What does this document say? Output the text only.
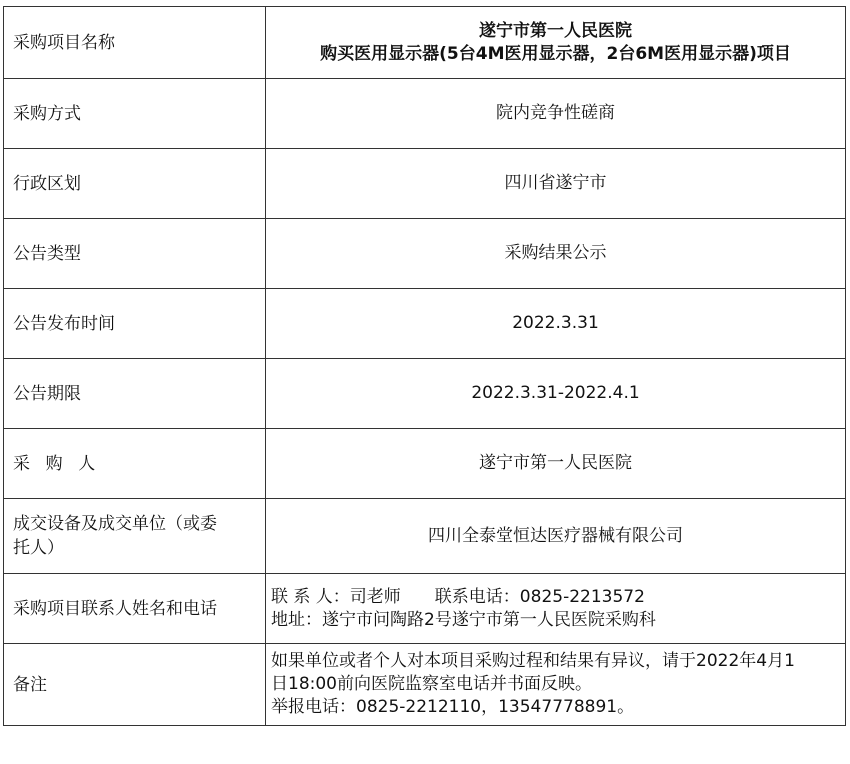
采购项目名称	遂宁市第一人民医院
购买医用显示器(5台4M医用显示器，2台6M医用显示器)项目

采购方式	院内竞争性磋商
行政区划	四川省遂宁市
公告类型	采购结果公示
公告发布时间	2022.3.31
公告期限	2022.3.31-2022.4.1
采 购 人	遂宁市第一人民医院

成交设备及成交单位（或委
托人）	四川全泰堂恒达医疗器械有限公司
采购项目联系人姓名和电话	联 系 人：司老师　　联系电话：0825-2213572
地址：遂宁市问陶路2号遂宁市第一人民医院采购科

备注	如果单位或者个人对本项目采购过程和结果有异议，请于2022年4月1
日18:00前向医院监察室电话并书面反映。
举报电话：0825-2212110，13547778891。
